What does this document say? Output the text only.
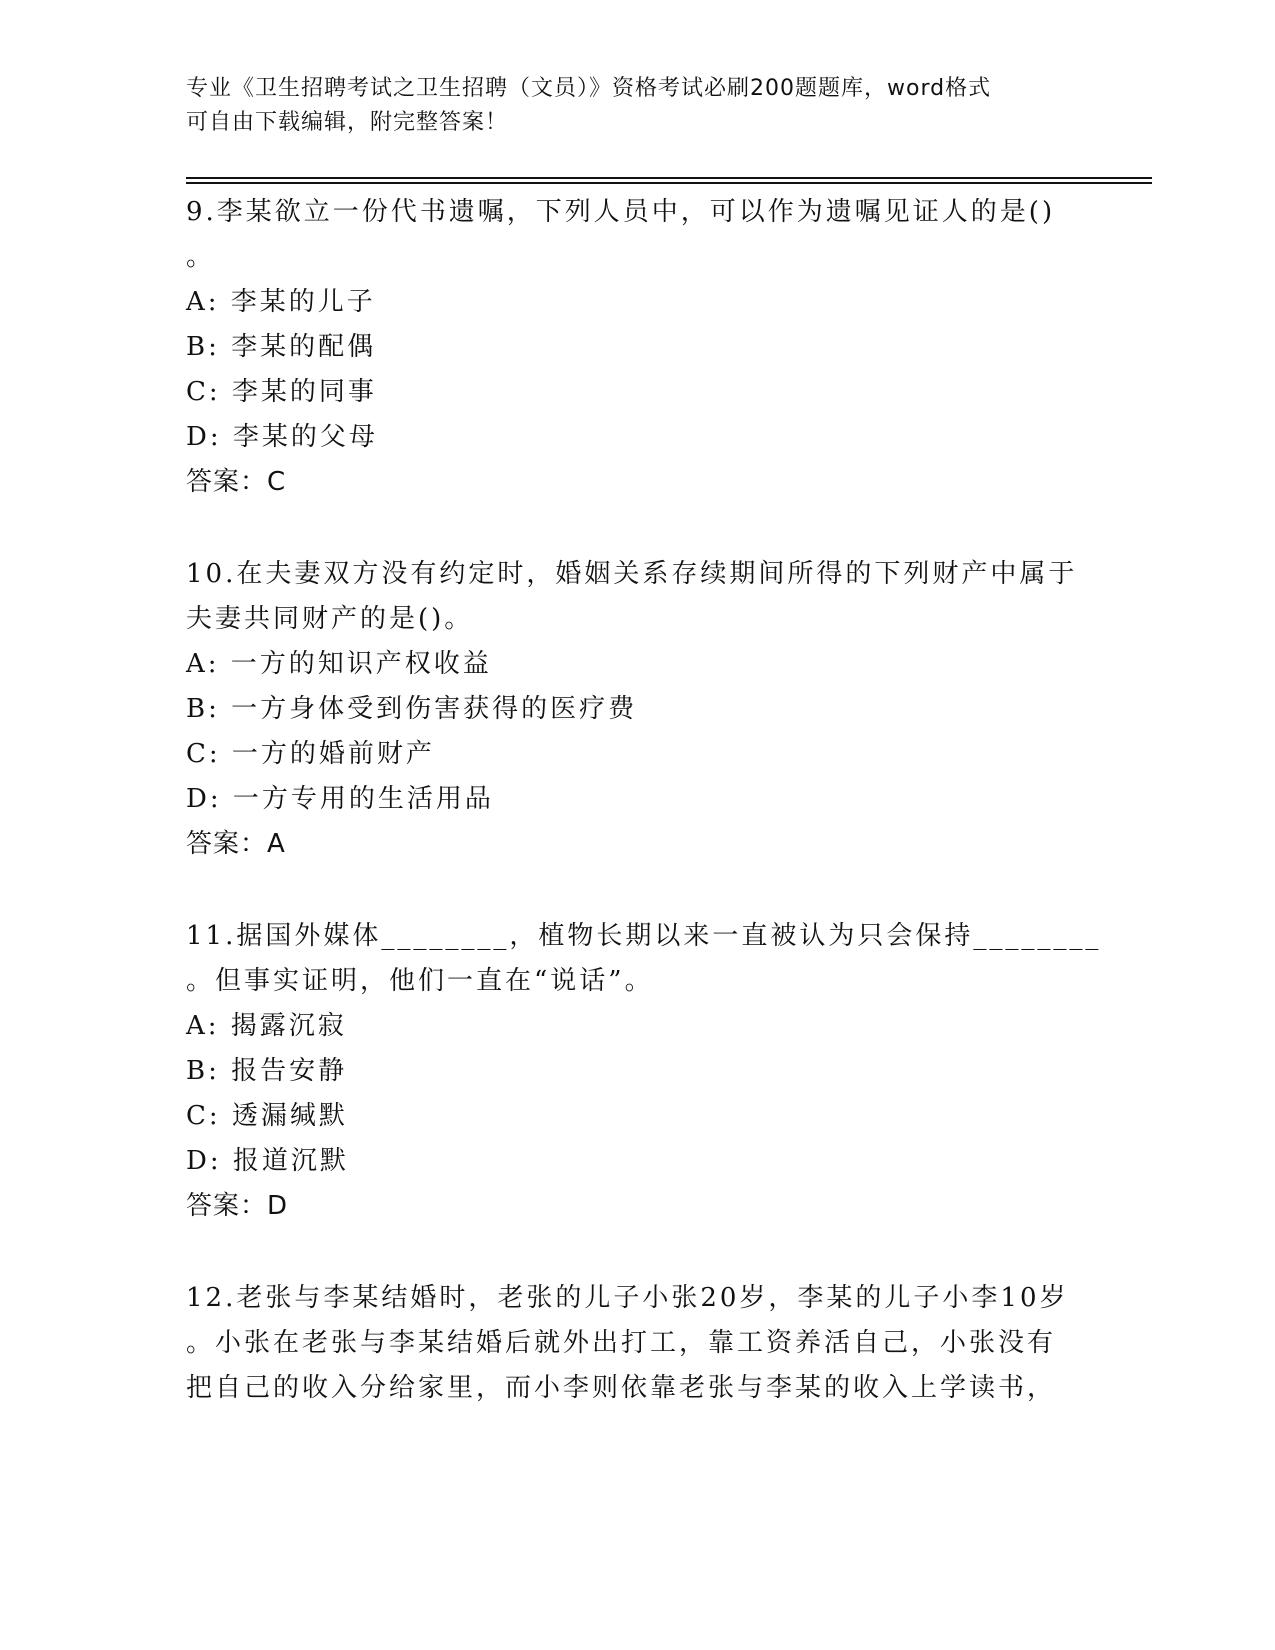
专业《卫生招聘考试之卫生招聘（文员）》资格考试必刷200题题库，word格式
可自由下载编辑，附完整答案！
9.李某欲立一份代书遗嘱，下列人员中，可以作为遗嘱见证人的是()
。
A: 李某的儿子
B: 李某的配偶
C: 李某的同事
D: 李某的父母
答案：C
10.在夫妻双方没有约定时，婚姻关系存续期间所得的下列财产中属于
夫妻共同财产的是()。
A: 一方的知识产权收益
B: 一方身体受到伤害获得的医疗费
C: 一方的婚前财产
D: 一方专用的生活用品
答案：A
11.据国外媒体________，植物长期以来一直被认为只会保持________
。但事实证明，他们一直在“说话”。
A: 揭露沉寂
B: 报告安静
C: 透漏缄默
D: 报道沉默
答案：D
12.老张与李某结婚时，老张的儿子小张20岁，李某的儿子小李10岁
。小张在老张与李某结婚后就外出打工，靠工资养活自己，小张没有
把自己的收入分给家里，而小李则依靠老张与李某的收入上学读书，
